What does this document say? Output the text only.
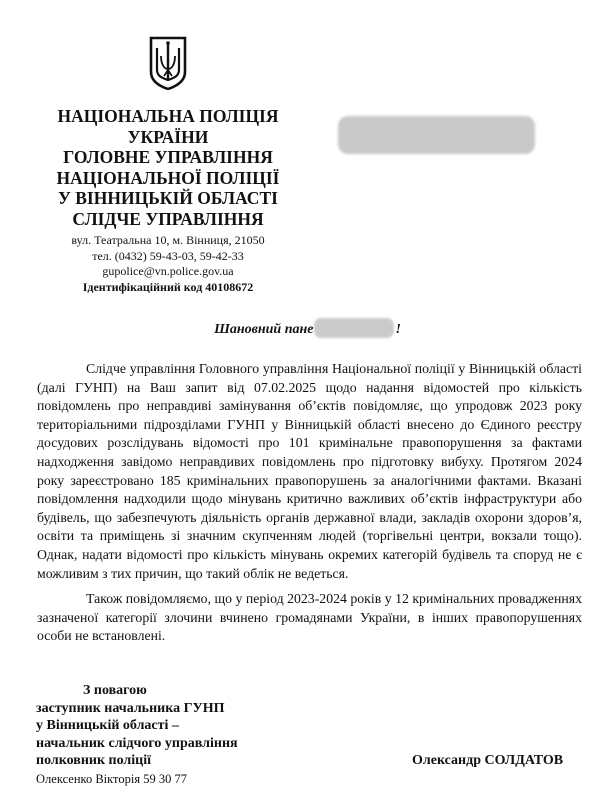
НАЦІОНАЛЬНА ПОЛІЦІЯ
УКРАЇНИ
ГОЛОВНЕ УПРАВЛІННЯ
НАЦІОНАЛЬНОЇ ПОЛІЦІЇ
У ВІННИЦЬКІЙ ОБЛАСТІ
СЛІДЧЕ УПРАВЛІННЯ
вул. Театральна 10, м. Вінниця, 21050
тел. (0432) 59-43-03, 59-42-33
gupolice@vn.police.gov.ua
Ідентифікаційний код 40108672
Шановний пане	!

Слідче управління Головного управління Національної поліції у Вінницькій області (далі ГУНП) на Ваш запит від 07.02.2025 щодо надання відомостей про кількість повідомлень про неправдиві замінування об’єктів повідомляє, що упродовж 2023 року територіальними підрозділами ГУНП у Вінницькій області внесено до Єдиного реєстру досудових розслідувань відомості про 101 кримінальне правопорушення за фактами надходження завідомо неправдивих повідомлень про підготовку вибуху. Протягом 2024 року зареєстровано 185 кримінальних правопорушень за аналогічними фактами. Вказані повідомлення надходили щодо мінувань критично важливих об’єктів інфраструктури або будівель, що забезпечують діяльність органів державної влади, закладів охорони здоров’я, освіти та приміщень зі значним скупченням людей (торгівельні центри, вокзали тощо). Однак, надати відомості про кількість мінувань окремих категорій будівель та споруд не є можливим з тих причин, що такий облік не ведеться.

Також повідомляємо, що у період 2023-2024 років у 12 кримінальних провадженнях зазначеної категорії злочини вчинено громадянами України, в інших правопорушеннях особи не встановлені.

З повагою
заступник начальника ГУНП
у Вінницькій області –
начальник слідчого управління
полковник поліції	Олександр СОЛДАТОВ
Олексенко Вікторія 59 30 77
